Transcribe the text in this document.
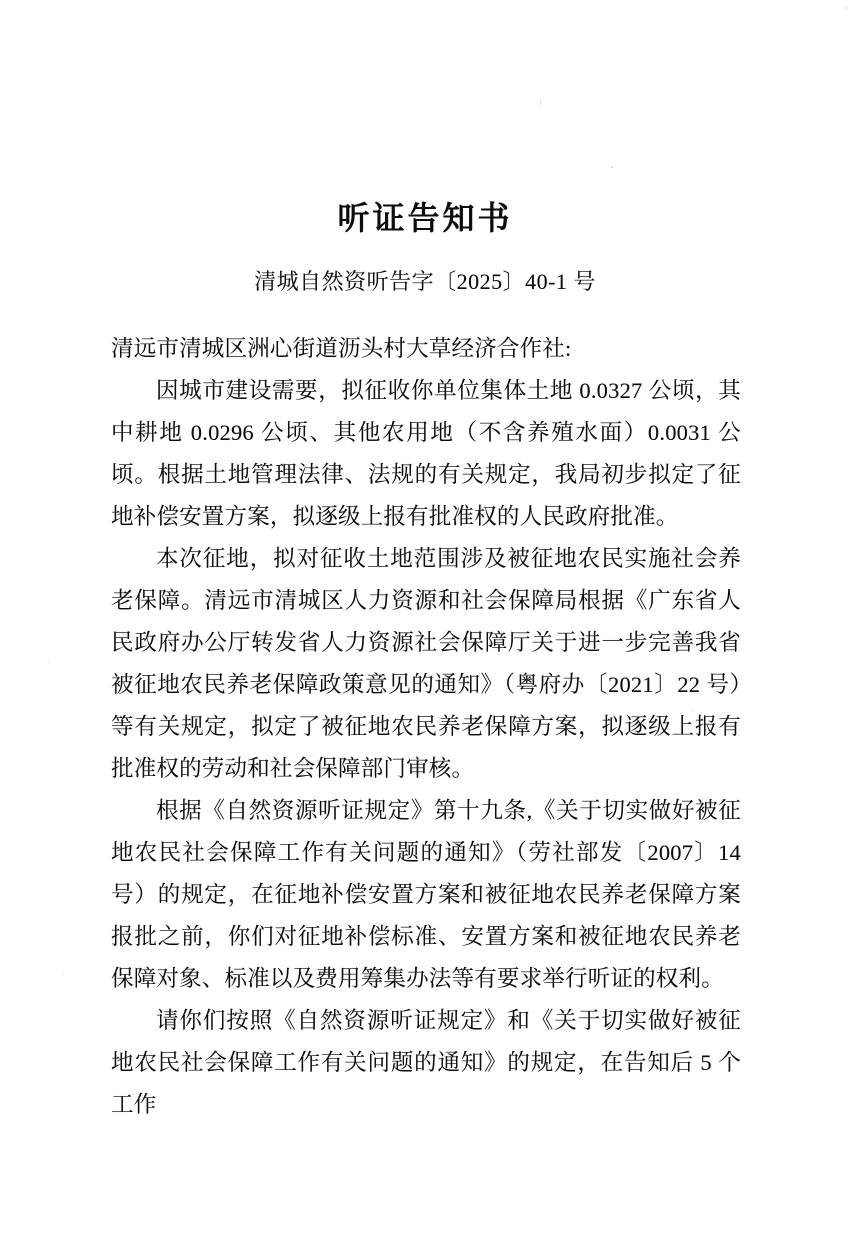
听证告知书
清城自然资听告字〔2025〕40-1 号
清远市清城区洲心街道沥头村大草经济合作社:

因城市建设需要，拟征收你单位集体土地 0.0327 公顷，其中耕地 0.0296 公顷、其他农用地（不含养殖水面）0.0031 公顷。根据土地管理法律、法规的有关规定，我局初步拟定了征地补偿安置方案，拟逐级上报有批准权的人民政府批准。

本次征地，拟对征收土地范围涉及被征地农民实施社会养老保障。清远市清城区人力资源和社会保障局根据《广东省人民政府办公厅转发省人力资源社会保障厅关于进一步完善我省被征地农民养老保障政策意见的通知》（粤府办〔2021〕22 号）等有关规定，拟定了被征地农民养老保障方案，拟逐级上报有批准权的劳动和社会保障部门审核。

根据《自然资源听证规定》第十九条,《关于切实做好被征地农民社会保障工作有关问题的通知》（劳社部发〔2007〕14 号）的规定，在征地补偿安置方案和被征地农民养老保障方案报批之前，你们对征地补偿标准、安置方案和被征地农民养老保障对象、标准以及费用筹集办法等有要求举行听证的权利。

请你们按照《自然资源听证规定》和《关于切实做好被征地农民社会保障工作有关问题的通知》的规定，在告知后 5 个工作
